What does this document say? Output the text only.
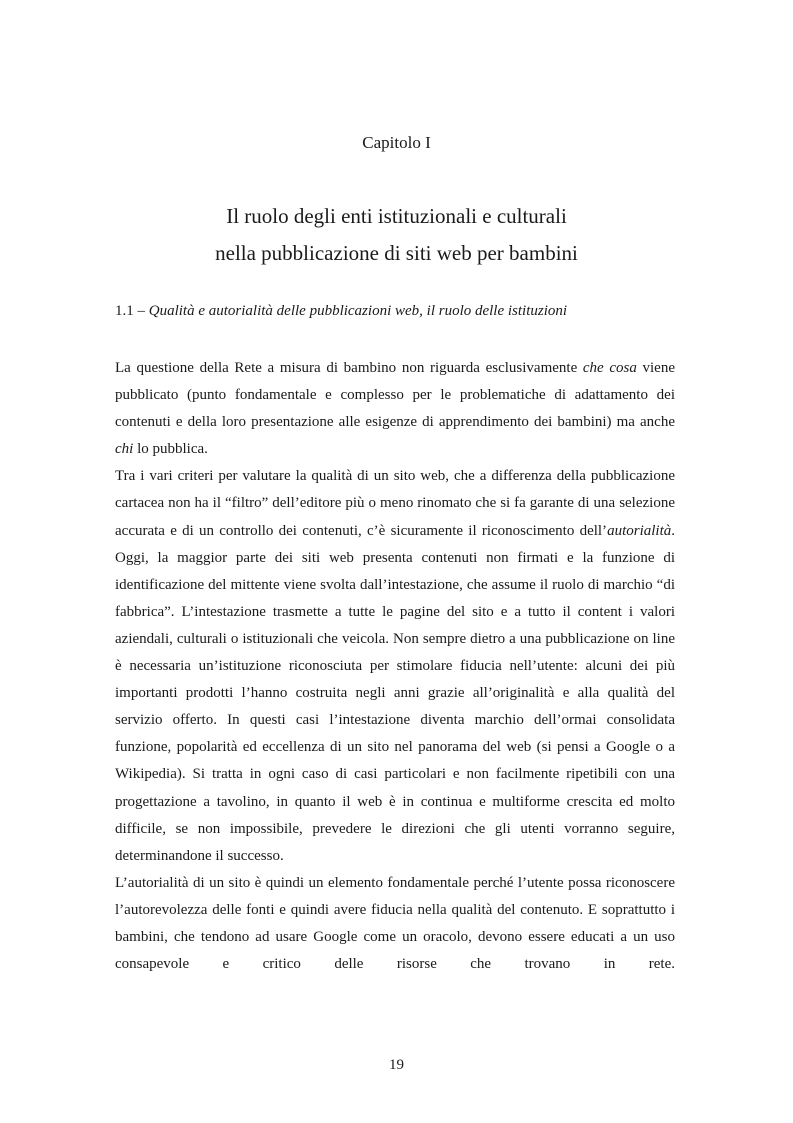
Capitolo I
Il ruolo degli enti istituzionali e culturali
nella pubblicazione di siti web per bambini
1.1 – Qualità e autorialità delle pubblicazioni web, il ruolo delle istituzioni

La questione della Rete a misura di bambino non riguarda esclusivamente che cosa viene pubblicato (punto fondamentale e complesso per le problematiche di adattamento dei contenuti e della loro presentazione alle esigenze di apprendimento dei bambini) ma anche chi lo pubblica.

Tra i vari criteri per valutare la qualità di un sito web, che a differenza della pubblicazione cartacea non ha il “filtro” dell’editore più o meno rinomato che si fa garante di una selezione accurata e di un controllo dei contenuti, c’è sicuramente il riconoscimento dell’autorialità. Oggi, la maggior parte dei siti web presenta contenuti non firmati e la funzione di identificazione del mittente viene svolta dall’intestazione, che assume il ruolo di marchio “di fabbrica”. L’intestazione trasmette a tutte le pagine del sito e a tutto il content i valori aziendali, culturali o istituzionali che veicola. Non sempre dietro a una pubblicazione on line è necessaria un’istituzione riconosciuta per stimolare fiducia nell’utente: alcuni dei più importanti prodotti l’hanno costruita negli anni grazie all’originalità e alla qualità del servizio offerto. In questi casi l’intestazione diventa marchio dell’ormai consolidata funzione, popolarità ed eccellenza di un sito nel panorama del web (si pensi a Google o a Wikipedia). Si tratta in ogni caso di casi particolari e non facilmente ripetibili con una progettazione a tavolino, in quanto il web è in continua e multiforme crescita ed molto difficile, se non impossibile, prevedere le direzioni che gli utenti vorranno seguire, determinandone il successo.

L’autorialità di un sito è quindi un elemento fondamentale perché l’utente possa riconoscere l’autorevolezza delle fonti e quindi avere fiducia nella qualità del contenuto. E soprattutto i bambini, che tendono ad usare Google come un oracolo, devono essere educati a un uso consapevole e critico delle risorse che trovano in rete.

19
